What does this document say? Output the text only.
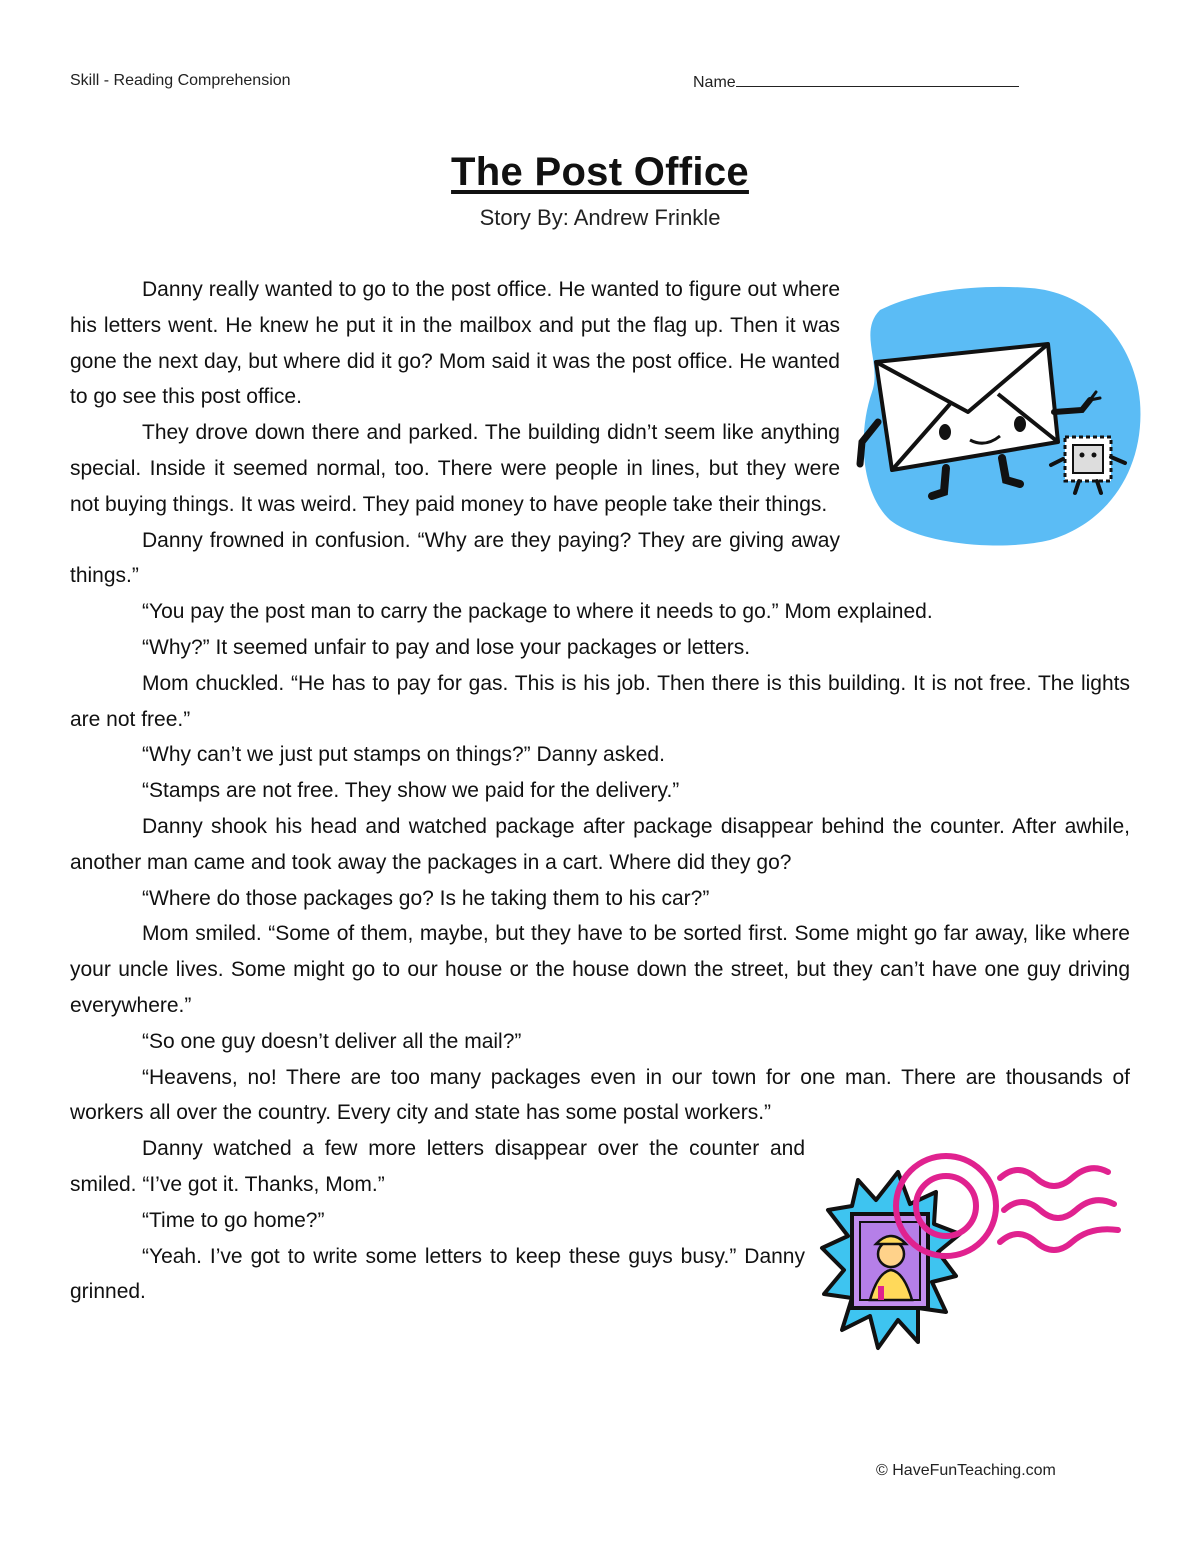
Skill - Reading Comprehension	Name
The Post Office
Story By: Andrew Frinkle

Danny really wanted to go to the post office. He wanted to figure out where his letters went. He knew he put it in the mailbox and put the flag up. Then it was gone the next day, but where did it go? Mom said it was the post office. He wanted to go see this post office.

They drove down there and parked. The building didn’t seem like anything special. Inside it seemed normal, too. There were people in lines, but they were not buying things. It was weird. They paid money to have people take their things.

Danny frowned in confusion. “Why are they paying? They are giving away things.”

“You pay the post man to carry the package to where it needs to go.” Mom explained.

“Why?” It seemed unfair to pay and lose your packages or letters.

Mom chuckled. “He has to pay for gas. This is his job. Then there is this building. It is not free. The lights are not free.”

“Why can’t we just put stamps on things?” Danny asked.

“Stamps are not free. They show we paid for the delivery.”

Danny shook his head and watched package after package disappear behind the counter. After awhile, another man came and took away the packages in a cart. Where did they go?

“Where do those packages go? Is he taking them to his car?”

Mom smiled. “Some of them, maybe, but they have to be sorted first. Some might go far away, like where your uncle lives. Some might go to our house or the house down the street, but they can’t have one guy driving everywhere.”

“So one guy doesn’t deliver all the mail?”

“Heavens, no! There are too many packages even in our town for one man. There are thousands of workers all over the country. Every city and state has some postal workers.”

Danny watched a few more letters disappear over the counter and smiled. “I’ve got it. Thanks, Mom.”

“Time to go home?”

“Yeah. I’ve got to write some letters to keep these guys busy.” Danny grinned.

© HaveFunTeaching.com
